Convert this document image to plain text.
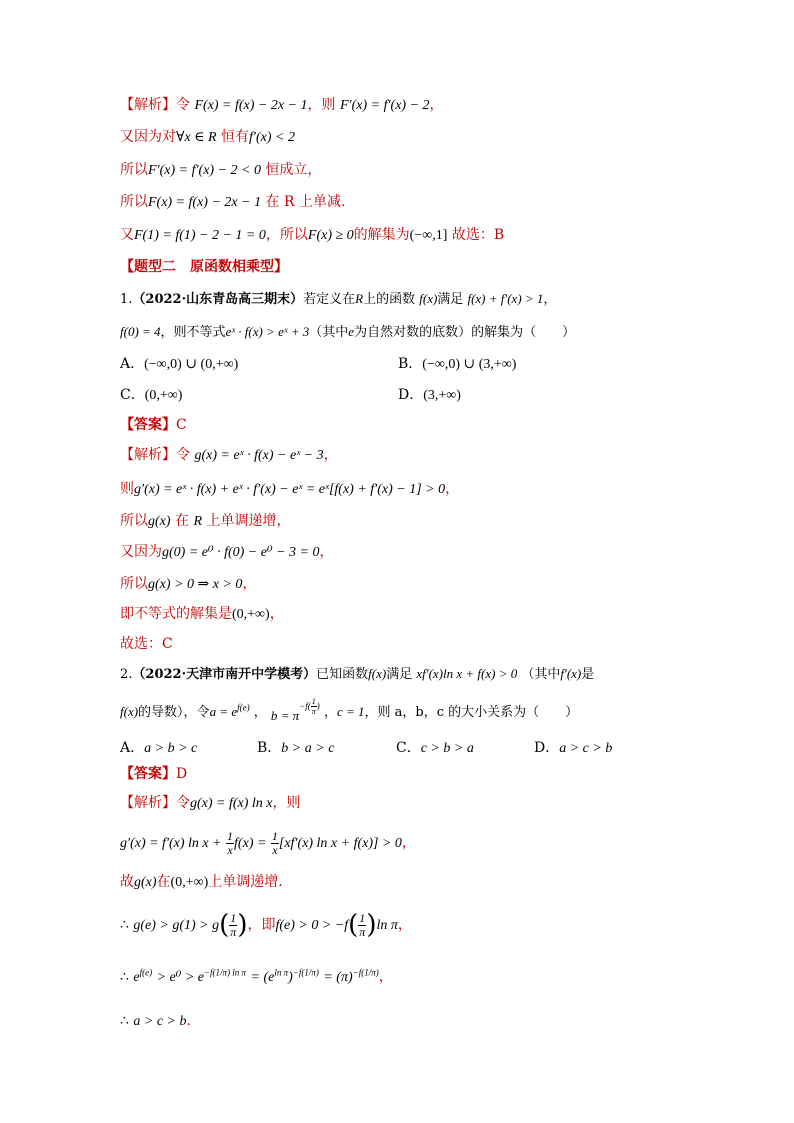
【解析】令 F(x) = f(x) − 2x − 1，则 F′(x) = f′(x) − 2，
又因为对∀x ∈ R 恒有f′(x) < 2
所以F′(x) = f′(x) − 2 < 0 恒成立，
所以F(x) = f(x) − 2x − 1 在 R 上单减.
又F(1) = f(1) − 2 − 1 = 0，所以F(x) ≥ 0的解集为(−∞,1] 故选：B
【题型二　原函数相乘型】
1.（2022·山东青岛高三期末）若定义在R上的函数 f(x)满足 f(x) + f′(x) > 1，
f(0) = 4，则不等式eˣ · f(x) > eˣ + 3（其中e为自然对数的底数）的解集为（　　）
A．(−∞,0) ∪ (0,+∞)	B．(−∞,0) ∪ (3,+∞)
C．(0,+∞)	D．(3,+∞)
【答案】C
【解析】令 g(x) = eˣ · f(x) − eˣ − 3，
则g′(x) = eˣ · f(x) + eˣ · f′(x) − eˣ = eˣ[f(x) + f′(x) − 1] > 0，
所以g(x) 在 R 上单调递增，
又因为g(0) = e⁰ · f(0) − e⁰ − 3 = 0，
所以g(x) > 0 ⇒ x > 0，
即不等式的解集是(0,+∞)，
故选：C
2.（2022·天津市南开中学模考）已知函数f(x)满足 xf′(x)ln x + f(x) > 0 （其中f′(x)是
f(x)的导数），令$a = e^{f(e)}$ ， $b = \pi^{-f( \frac{1}{\pi} )}$ ，c = 1，则 a，b，c 的大小关系为（　　）
A．a > b > c	B．b > a > c	C．c > b > a	D．a > c > b
【答案】D
【解析】令g(x) = f(x) ln x，则
g′(x) = f′(x) $\ln x + \frac{1}{x} f(x) = \frac{1}{x} [xf'(x)$ ln x + f(x)] > 0，
故g(x)在(0,+∞)上单调递增.
∴ $g(e) > g(1) > g( \frac{1}{\pi}$ )，即$f(e) > 0 > -f( \frac{1}{\pi} )\ln$ π，
∴ $e^{f(e)} > e^0 > e^{-f(1/\pi) ln \pi} = (e^{ln \pi})^{-f(1/\pi)} = (\pi)^{-f(1/\pi)}$，
∴ a > c > b.
